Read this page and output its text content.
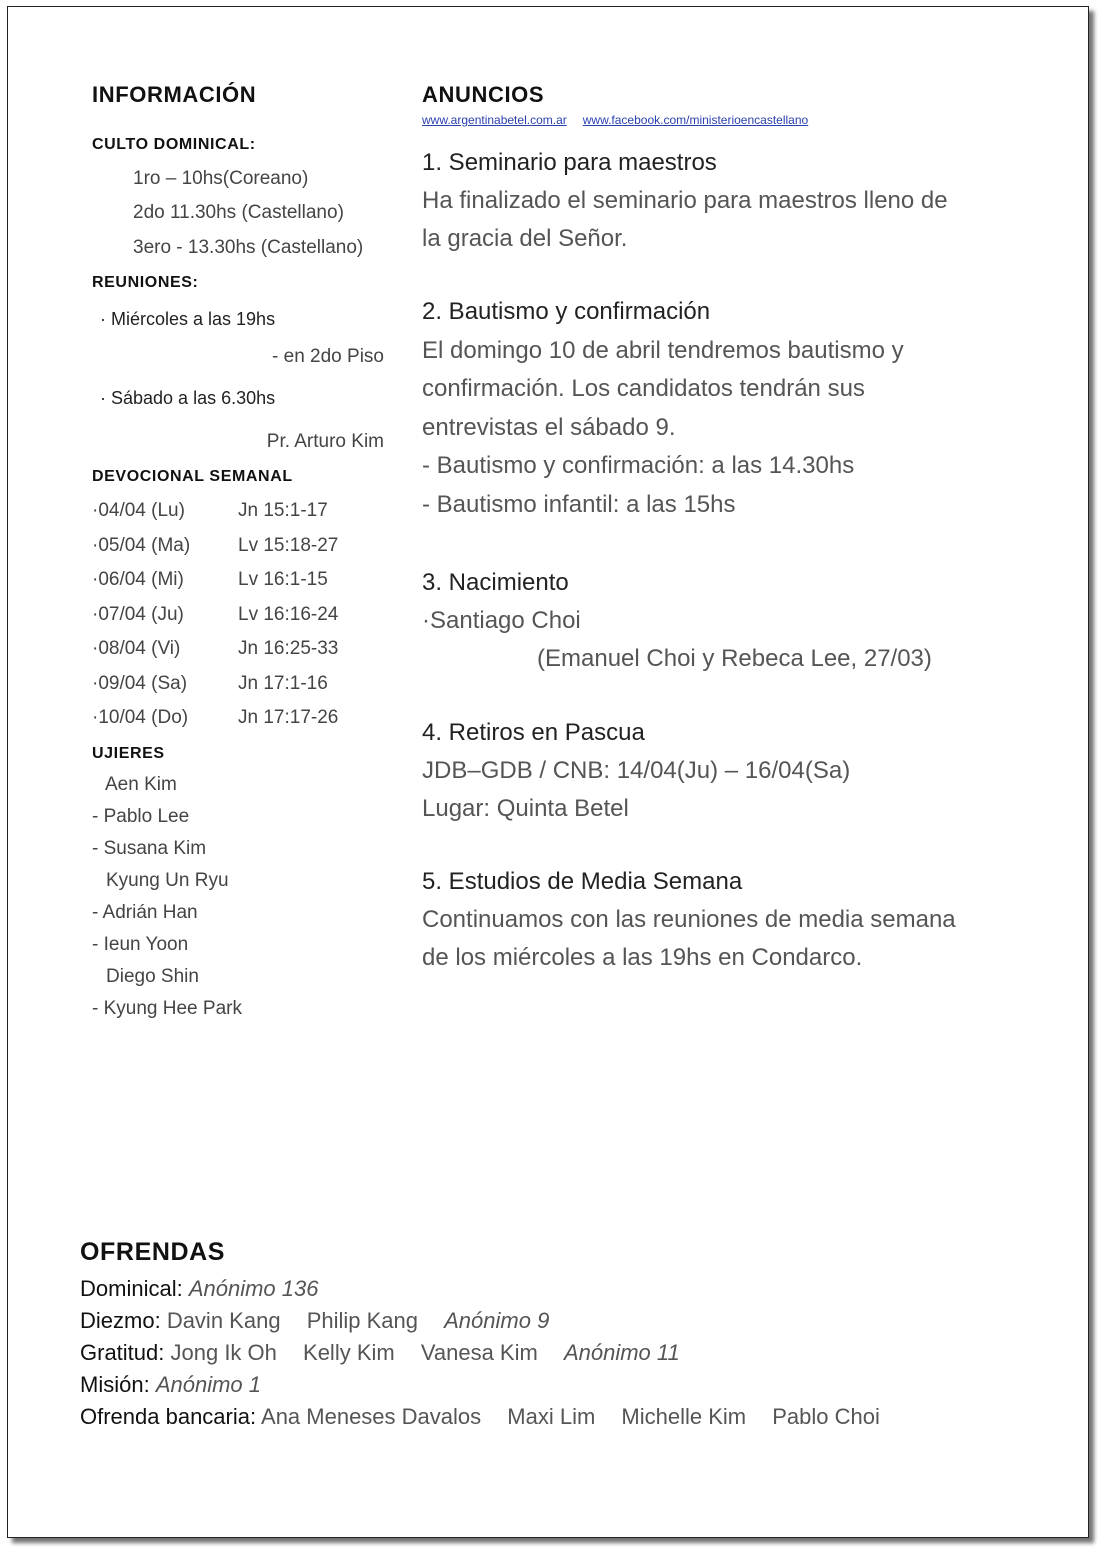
INFORMACIÓN
CULTO DOMINICAL:
1ro – 10hs(Coreano)
2do 11.30hs (Castellano)
3ero - 13.30hs (Castellano)
REUNIONES:
· Miércoles a las 19hs
- en 2do Piso
· Sábado a las 6.30hs
Pr. Arturo Kim
DEVOCIONAL SEMANAL
·04/04 (Lu)	Jn 15:1-17
·05/04 (Ma)	Lv 15:18-27
·06/04 (Mi)	Lv 16:1-15
·07/04 (Ju)	Lv 16:16-24
·08/04 (Vi)	Jn 16:25-33
·09/04 (Sa)	Jn 17:1-16
·10/04 (Do)	Jn 17:17-26
UJIERES
Aen Kim
- Pablo Lee
- Susana Kim
Kyung Un Ryu
- Adrián Han
- Ieun Yoon
Diego Shin
- Kyung Hee Park
ANUNCIOS
www.argentinabetel.com.ar www.facebook.com/ministerioencastellano
1. Seminario para maestros
Ha finalizado el seminario para maestros lleno de
la gracia del Señor.
2. Bautismo y confirmación
El domingo 10 de abril tendremos bautismo y
confirmación. Los candidatos tendrán sus
entrevistas el sábado 9.
- Bautismo y confirmación: a las 14.30hs
- Bautismo infantil: a las 15hs
3. Nacimiento
·Santiago Choi
(Emanuel Choi y Rebeca Lee, 27/03)
4. Retiros en Pascua
JDB–GDB / CNB: 14/04(Ju) – 16/04(Sa)
Lugar: Quinta Betel
5. Estudios de Media Semana
Continuamos con las reuniones de media semana
de los miércoles a las 19hs en Condarco.
OFRENDAS
Dominical: Anónimo 136
Diezmo: Davin Kang Philip Kang Anónimo 9
Gratitud: Jong Ik Oh Kelly Kim Vanesa Kim Anónimo 11
Misión: Anónimo 1
Ofrenda bancaria: Ana Meneses Davalos Maxi Lim Michelle Kim Pablo Choi
